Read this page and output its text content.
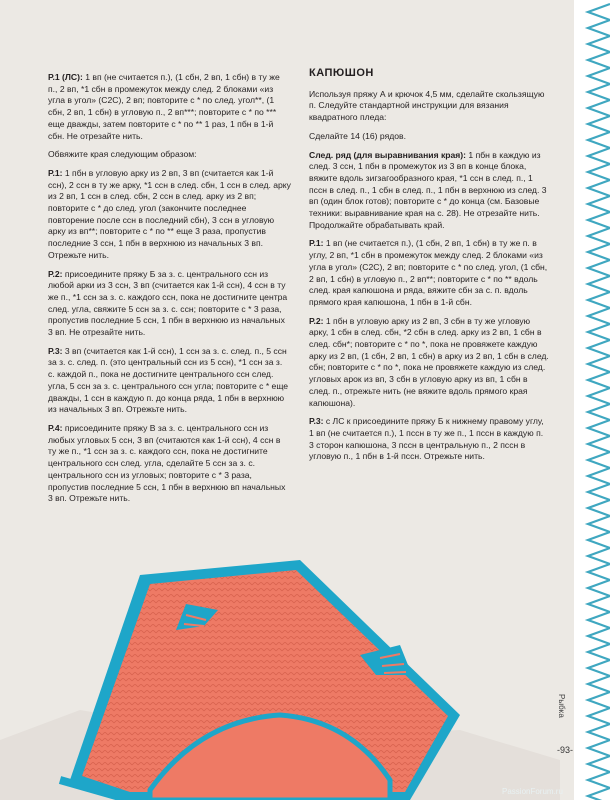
Р.1 (ЛС): 1 вп (не считается п.), (1 сбн, 2 вп, 1 сбн) в ту же п., 2 вп, *1 сбн в промежуток между след. 2 блоками «из угла в угол» (С2С), 2 вп; повторите с * по след. угол**, (1 сбн, 2 вп, 1 сбн) в угловую п., 2 вп***; повторите с * по *** еще дважды, затем повторите с * по ** 1 раз, 1 пбн в 1-й сбн. Не отрезайте нить.

Обвяжите края следующим образом:

Р.1: 1 пбн в угловую арку из 2 вп, 3 вп (считается как 1-й ссн), 2 ссн в ту же арку, *1 ссн в след. сбн, 1 ссн в след. арку из 2 вп, 1 ссн в след. сбн, 2 ссн в след. арку из 2 вп; повторите с * до след. угол (закончите последнее повторение после ссн в последний сбн), 3 ссн в угловую арку из вп**; повторите с * по ** еще 3 раза, пропустив последние 3 ссн, 1 пбн в верхнюю из начальных 3 вп. Отрежьте нить.

Р.2: присоедините пряжу Б за з. с. центрального ссн из любой арки из 3 ссн, 3 вп (считается как 1-й ссн), 4 ссн в ту же п., *1 ссн за з. с. каждого ссн, пока не достигните центра след. угла, свяжите 5 ссн за з. с. ссн; повторите с * 3 раза, пропустив последние 5 ссн, 1 пбн в верхнюю из начальных 3 вп. Не отрезайте нить.

Р.3: 3 вп (считается как 1-й ссн), 1 ссн за з. с. след. п., 5 ссн за з. с. след. п. (это центральный ссн из 5 ссн), *1 ссн за з. с. каждой п., пока не достигните центрального ссн след. угла, 5 ссн за з. с. центрального ссн угла; повторите с * еще дважды, 1 ссн в каждую п. до конца ряда, 1 пбн в верхнюю из начальных 3 вп. Отрежьте нить.

Р.4: присоедините пряжу В за з. с. центрального ссн из любых угловых 5 ссн, 3 вп (считаются как 1-й ссн), 4 ссн в ту же п., *1 ссн за з. с. каждого ссн, пока не достигните центрального ссн след. угла, сделайте 5 ссн за з. с. центрального ссн из угловых; повторите с * 3 раза, пропустив последние 5 ссн, 1 пбн в верхнюю вп начальных 3 вп. Отрежьте нить.

КАПЮШОН

Используя пряжу А и крючок 4,5 мм, сделайте скользящую п. Следуйте стандартной инструкции для вязания квадратного пледа:

Сделайте 14 (16) рядов.

След. ряд (для выравнивания края): 1 пбн в каждую из след. 3 ссн, 1 пбн в промежуток из 3 вп в конце блока, вяжите вдоль зигзагообразного края, *1 ссн в след. п., 1 пссн в след. п., 1 сбн в след. п., 1 пбн в верхнюю из след. 3 вп (один блок готов); повторите с * до конца (см. Базовые техники: выравнивание края на с. 28). Не отрезайте нить. Продолжайте обрабатывать край.

Р.1: 1 вп (не считается п.), (1 сбн, 2 вп, 1 сбн) в ту же п. в углу, 2 вп, *1 сбн в промежуток между след. 2 блоками «из угла в угол» (С2С), 2 вп; повторите с * по след. угол, (1 сбн, 2 вп, 1 сбн) в угловую п., 2 вп**; повторите с * по ** вдоль след. края капюшона и ряда, вяжите сбн за с. п. вдоль прямого края капюшона, 1 пбн в 1-й сбн.

Р.2: 1 пбн в угловую арку из 2 вп, 3 сбн в ту же угловую арку, 1 сбн в след. сбн, *2 сбн в след. арку из 2 вп, 1 сбн в след. сбн*; повторите с * по *, пока не провяжете каждую арку из 2 вп, (1 сбн, 2 вп, 1 сбн) в арку из 2 вп, 1 сбн в след. сбн; повторите с * по *, пока не провяжете каждую из след. угловых арок из вп, 3 сбн в угловую арку из вп, 1 сбн в след. п., отрежьте нить (не вяжите вдоль прямого края капюшона).

Р.3: с ЛС к присоедините пряжу Б к нижнему правому углу, 1 вп (не считается п.), 1 пссн в ту же п., 1 пссн в каждую п. 3 сторон капюшона, 3 пссн в центральную п., 2 пссн в угловую п., 1 пбн в 1-й пссн. Отрежьте нить.

Рыбка
-93-
PassionForum.ru
